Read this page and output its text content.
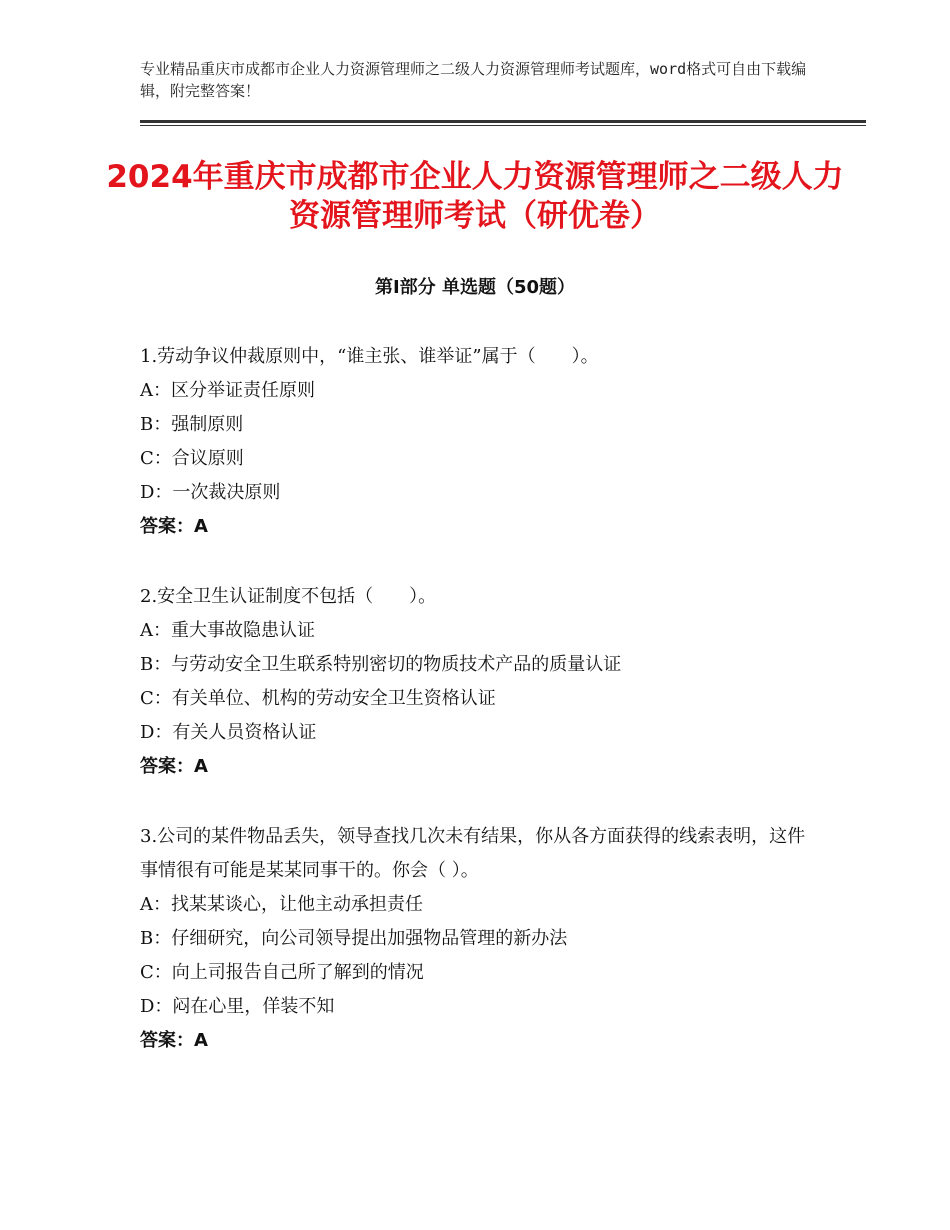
专业精品重庆市成都市企业人力资源管理师之二级人力资源管理师考试题库，word格式可自由下载编辑，附完整答案！
2024年重庆市成都市企业人力资源管理师之二级人力资源管理师考试（研优卷）
第Ⅰ部分 单选题（50题）

1.劳动争议仲裁原则中，“谁主张、谁举证”属于（　　）。

A：区分举证责任原则

B：强制原则

C：合议原则

D：一次裁决原则

答案：A

2.安全卫生认证制度不包括（　　）。

A：重大事故隐患认证

B：与劳动安全卫生联系特别密切的物质技术产品的质量认证

C：有关单位、机构的劳动安全卫生资格认证

D：有关人员资格认证

答案：A

3.公司的某件物品丢失，领导查找几次未有结果，你从各方面获得的线索表明，这件事情很有可能是某某同事干的。你会（ ）。

A：找某某谈心，让他主动承担责任

B：仔细研究，向公司领导提出加强物品管理的新办法

C：向上司报告自己所了解到的情况

D：闷在心里，佯装不知

答案：A
